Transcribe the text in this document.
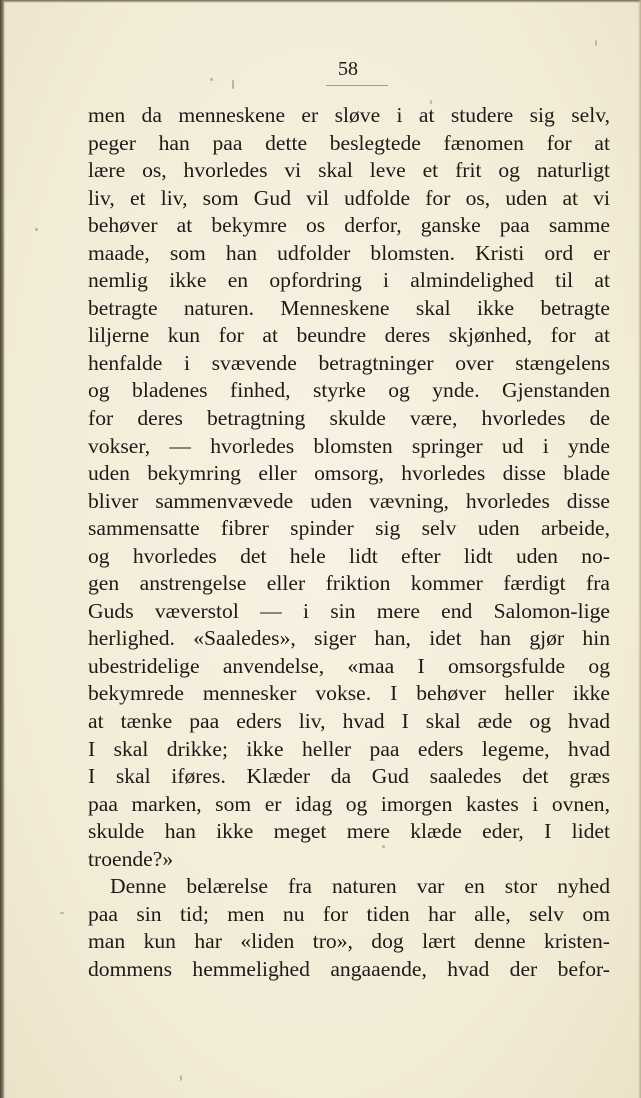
58
men da menneskene er sløve i at studere sig selv,
peger han paa dette beslegtede fænomen for at
lære os, hvorledes vi skal leve et frit og naturligt
liv, et liv, som Gud vil udfolde for os, uden at vi
behøver at bekymre os derfor, ganske paa samme
maade, som han udfolder blomsten. Kristi ord er
nemlig ikke en opfordring i almindelighed til at
betragte naturen. Menneskene skal ikke betragte
liljerne kun for at beundre deres skjønhed, for at
henfalde i svævende betragtninger over stængelens
og bladenes finhed, styrke og ynde. Gjenstanden
for deres betragtning skulde være, hvorledes de
vokser, — hvorledes blomsten springer ud i ynde
uden bekymring eller omsorg, hvorledes disse blade
bliver sammenvævede uden vævning, hvorledes disse
sammensatte fibrer spinder sig selv uden arbeide,
og hvorledes det hele lidt efter lidt uden no-
gen anstrengelse eller friktion kommer færdigt fra
Guds væverstol — i sin mere end Salomon-lige
herlighed. «Saaledes», siger han, idet han gjør hin
ubestridelige anvendelse, «maa I omsorgsfulde og
bekymrede mennesker vokse. I behøver heller ikke
at tænke paa eders liv, hvad I skal æde og hvad
I skal drikke; ikke heller paa eders legeme, hvad
I skal iføres. Klæder da Gud saaledes det græs
paa marken, som er idag og imorgen kastes i ovnen,
skulde han ikke meget mere klæde eder, I lidet
troende?»
Denne belærelse fra naturen var en stor nyhed
paa sin tid; men nu for tiden har alle, selv om
man kun har «liden tro», dog lært denne kristen-
dommens hemmelighed angaaende, hvad der befor-
